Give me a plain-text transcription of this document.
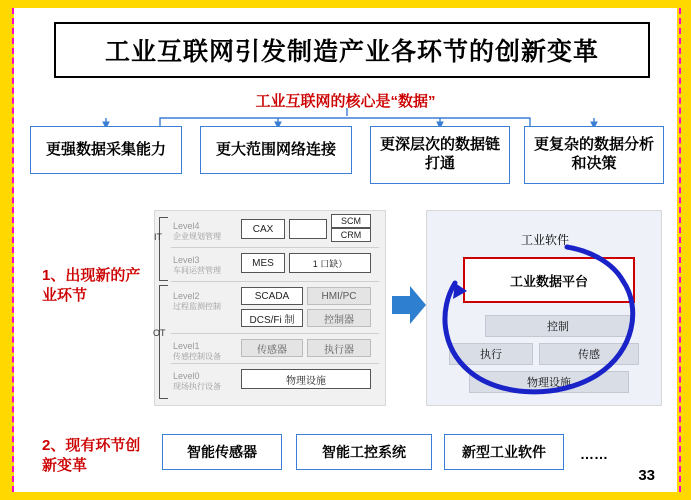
工业互联网引发制造产业各环节的创新变革
工业互联网的核心是“数据”
更强数据采集能力	更大范围网络连接	更深层次的数据链打通
更复杂的数据分析和决策
1、出现新的产业环节
2、现有环节创新变革
IT
OT
Level4
企业规划管理
CAX
SCM
CRM
Level3
车间运营管理
MES	1 口缺）
Level2
过程监测控制
SCADA	HMI/PC
DCS/Fi 制	控制器
Level1
传感控制设备
传感器	执行器
Level0
现场执行设备
物理设施
工业软件
工业数据平台
控制
执行	传感
物理设施
智能传感器	智能工控系统	新型工业软件	……
33
